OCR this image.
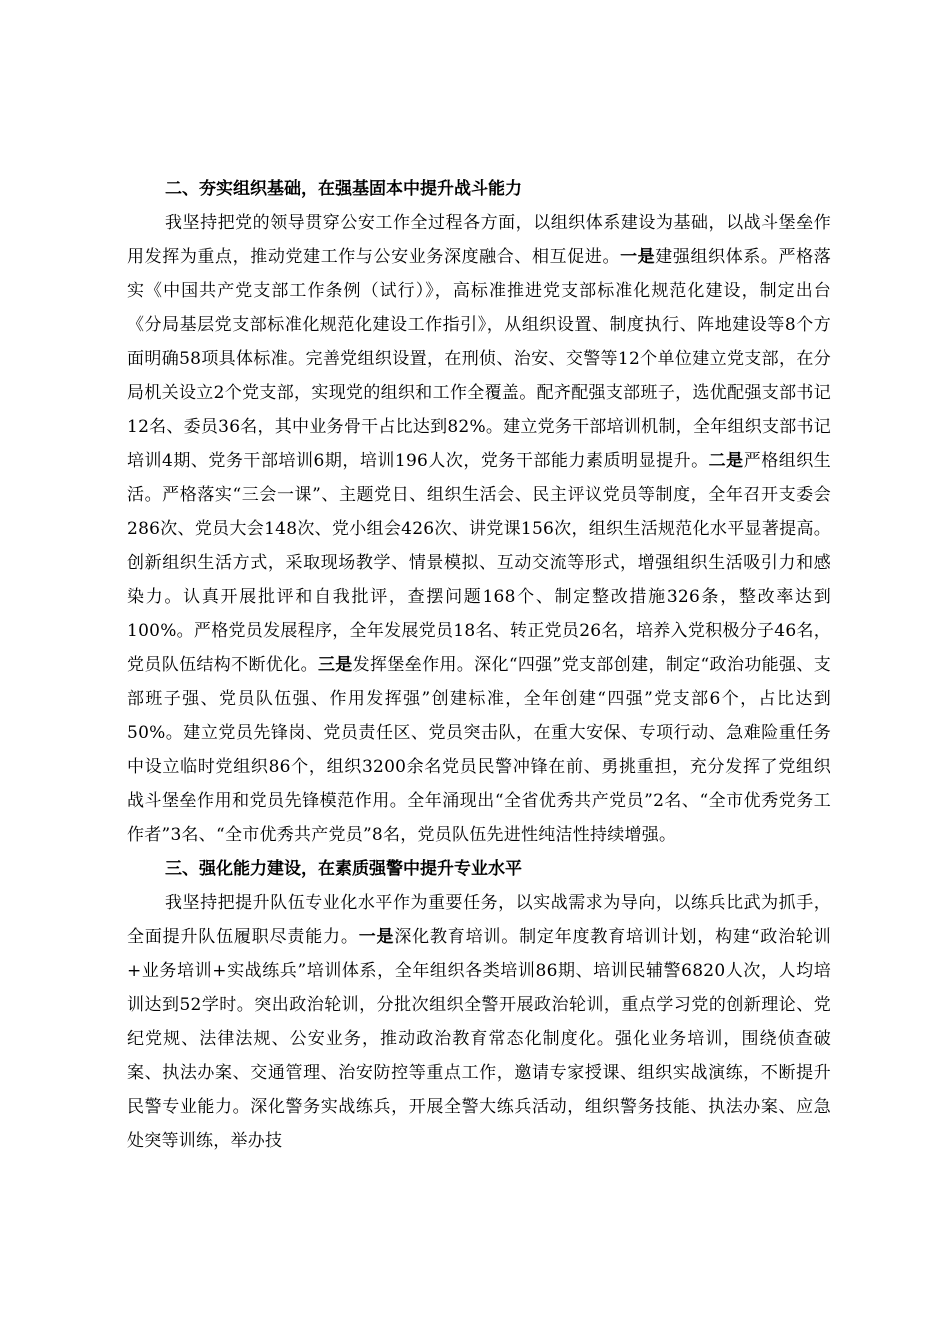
二、夯实组织基础，在强基固本中提升战斗能力

我坚持把党的领导贯穿公安工作全过程各方面，以组织体系建设为基础，以战斗堡垒作用发挥为重点，推动党建工作与公安业务深度融合、相互促进。一是建强组织体系。严格落实《中国共产党支部工作条例（试行）》，高标准推进党支部标准化规范化建设，制定出台《分局基层党支部标准化规范化建设工作指引》，从组织设置、制度执行、阵地建设等8个方面明确58项具体标准。完善党组织设置，在刑侦、治安、交警等12个单位建立党支部，在分局机关设立2个党支部，实现党的组织和工作全覆盖。配齐配强支部班子，选优配强支部书记12名、委员36名，其中业务骨干占比达到82%。建立党务干部培训机制，全年组织支部书记培训4期、党务干部培训6期，培训196人次，党务干部能力素质明显提升。二是严格组织生活。严格落实“三会一课”、主题党日、组织生活会、民主评议党员等制度，全年召开支委会286次、党员大会148次、党小组会426次、讲党课156次，组织生活规范化水平显著提高。创新组织生活方式，采取现场教学、情景模拟、互动交流等形式，增强组织生活吸引力和感染力。认真开展批评和自我批评，查摆问题168个、制定整改措施326条，整改率达到100%。严格党员发展程序，全年发展党员18名、转正党员26名，培养入党积极分子46名，党员队伍结构不断优化。三是发挥堡垒作用。深化“四强”党支部创建，制定“政治功能强、支部班子强、党员队伍强、作用发挥强”创建标准，全年创建“四强”党支部6个，占比达到50%。建立党员先锋岗、党员责任区、党员突击队，在重大安保、专项行动、急难险重任务中设立临时党组织86个，组织3200余名党员民警冲锋在前、勇挑重担，充分发挥了党组织战斗堡垒作用和党员先锋模范作用。全年涌现出“全省优秀共产党员”2名、“全市优秀党务工作者”3名、“全市优秀共产党员”8名，党员队伍先进性纯洁性持续增强。

三、强化能力建设，在素质强警中提升专业水平

我坚持把提升队伍专业化水平作为重要任务，以实战需求为导向，以练兵比武为抓手，全面提升队伍履职尽责能力。一是深化教育培训。制定年度教育培训计划，构建“政治轮训+业务培训+实战练兵”培训体系，全年组织各类培训86期、培训民辅警6820人次，人均培训达到52学时。突出政治轮训，分批次组织全警开展政治轮训，重点学习党的创新理论、党纪党规、法律法规、公安业务，推动政治教育常态化制度化。强化业务培训，围绕侦查破案、执法办案、交通管理、治安防控等重点工作，邀请专家授课、组织实战演练，不断提升民警专业能力。深化警务实战练兵，开展全警大练兵活动，组织警务技能、执法办案、应急处突等训练，举办技
